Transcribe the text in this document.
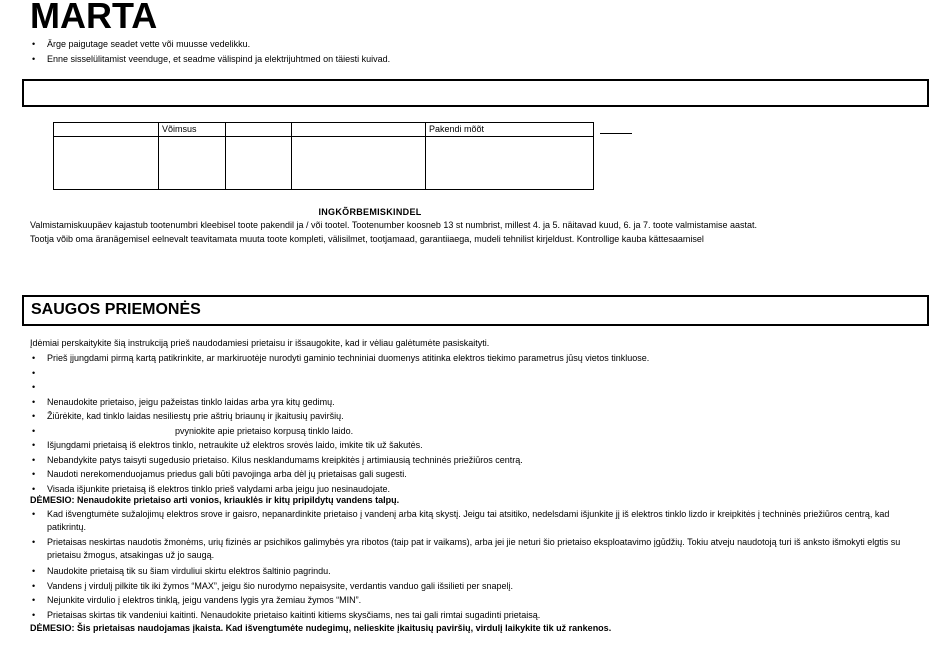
MARTA
• Ärge paigutage seadet vette või muusse vedelikku.
• Enne sisselülitamist veenduge, et seadme välispind ja elektrijuhtmed on täiesti kuivad.
	Võimsus			Pakendi mõõt

INGKÕRBEMISKINDEL
Valmistamiskuupäev kajastub tootenumbri kleebisel toote pakendil ja / või tootel. Tootenumber koosneb 13 st numbrist, millest 4. ja 5. näitavad kuud, 6. ja 7. toote valmistamise aastat.
Tootja võib oma äranägemisel eelnevalt teavitamata muuta toote kompleti, välisilmet, tootjamaad, garantiiaega, mudeli tehnilist kirjeldust. Kontrollige kauba kättesaamisel
SAUGOS PRIEMONĖS
Įdėmiai perskaitykite šią instrukciją prieš naudodamiesi prietaisu ir išsaugokite, kad ir vėliau galėtumėte pasiskaityti.
• Prieš įjungdami pirmą kartą patikrinkite, ar markiruotėje nurodyti gaminio techniniai duomenys atitinka elektros tiekimo parametrus jūsų vietos tinkluose.
•
•
• Nenaudokite prietaiso, jeigu pažeistas tinklo laidas arba yra kitų gedimų.
• Žiūrėkite, kad tinklo laidas nesiliestų prie aštrių briaunų ir įkaitusių paviršių.
• pvyniokite apie prietaiso korpusą tinklo laido.
• Išjungdami prietaisą iš elektros tinklo, netraukite už elektros srovės laido, imkite tik už šakutės.
• Nebandykite patys taisyti sugedusio prietaiso. Kilus nesklandumams kreipkitės į artimiausią techninės priežiūros centrą.
• Naudoti nerekomenduojamus priedus gali būti pavojinga arba dėl jų prietaisas gali sugesti.
• Visada išjunkite prietaisą iš elektros tinklo prieš valydami arba jeigu juo nesinaudojate.
DĖMESIO: Nenaudokite prietaiso arti vonios, kriauklės ir kitų pripildytų vandens talpų.
• Kad išvengtumėte sužalojimų elektros srove ir gaisro, nepanardinkite prietaiso į vandenį arba kitą skystį. Jeigu tai atsitiko, nedelsdami išjunkite jį iš elektros tinklo lizdo ir kreipkitės į techninės priežiūros centrą, kad patikrintų.
• Prietaisas neskirtas naudotis žmonėms, urių fizinės ar psichikos galimybės yra ribotos (taip pat ir vaikams), arba jei jie neturi šio prietaiso eksploatavimo įgūdžių. Tokiu atveju naudotoją turi iš anksto išmokyti elgtis su prietaisu žmogus, atsakingas už jo saugą.
• Naudokite prietaisą tik su šiam virduliui skirtu elektros šaltinio pagrindu.
• Vandens į virdulį pilkite tik iki žymos “MAX”, jeigu šio nurodymo nepaisysite, verdantis vanduo gali išsilieti per snapelį.
• Nejunkite virdulio į elektros tinklą, jeigu vandens lygis yra žemiau žymos “MIN”.
• Prietaisas skirtas tik vandeniui kaitinti. Nenaudokite prietaiso kaitinti kitiems skysčiams, nes tai gali rimtai sugadinti prietaisą.
DĖMESIO: Šis prietaisas naudojamas įkaista. Kad išvengtumėte nudegimų, nelieskite įkaitusių paviršių, virdulį laikykite tik už rankenos.
